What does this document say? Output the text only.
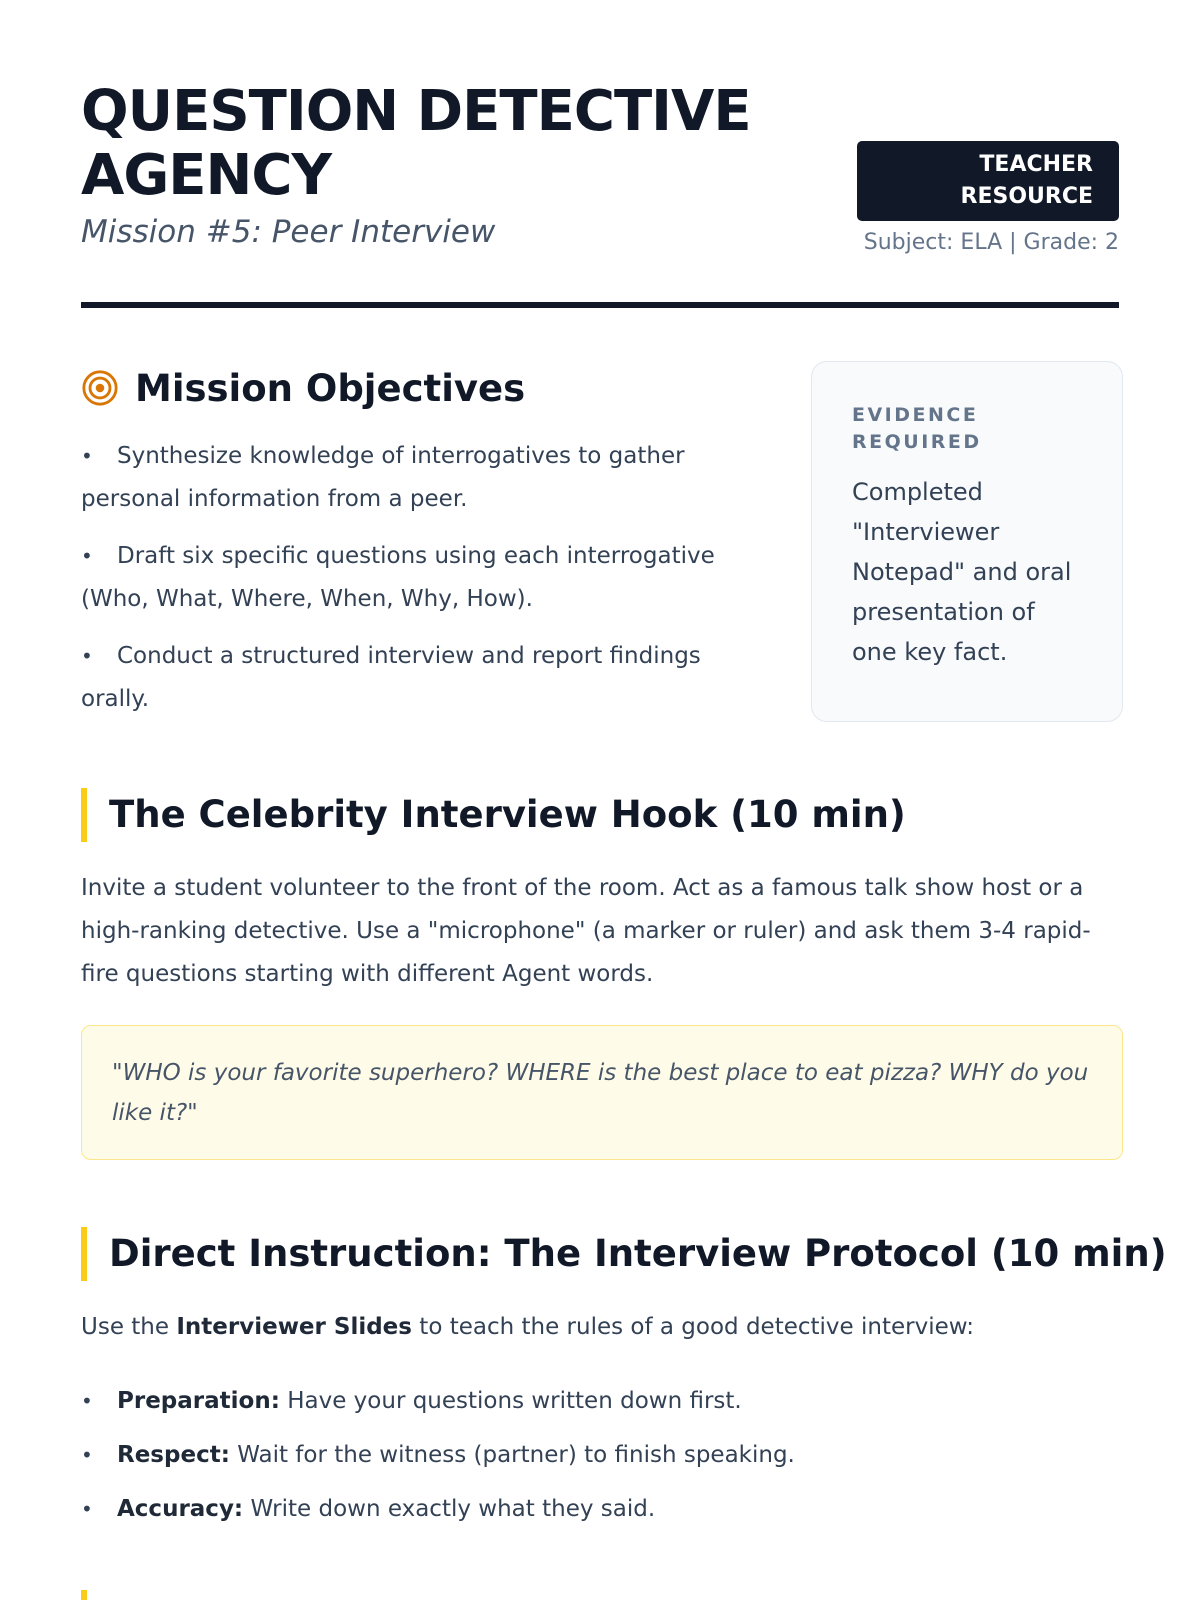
QUESTION DETECTIVE AGENCY
Mission #5: Peer Interview
TEACHER RESOURCE
Subject: ELA | Grade: 2
Mission Objectives
• Synthesize knowledge of interrogatives to gather personal information from a peer.
• Draft six specific questions using each interrogative (Who, What, Where, When, Why, How).
• Conduct a structured interview and report findings orally.
EVIDENCE REQUIRED

Completed "Interviewer Notepad" and oral presentation of one key fact.

The Celebrity Interview Hook (10 min)

Invite a student volunteer to the front of the room. Act as a famous talk show host or a high-ranking detective. Use a "microphone" (a marker or ruler) and ask them 3-4 rapid-fire questions starting with different Agent words.

"WHO is your favorite superhero? WHERE is the best place to eat pizza? WHY do you like it?"
Direct Instruction: The Interview Protocol (10 min)

Use the Interviewer Slides to teach the rules of a good detective interview:

• Preparation: Have your questions written down first.
• Respect: Wait for the witness (partner) to finish speaking.
• Accuracy: Write down exactly what they said.
